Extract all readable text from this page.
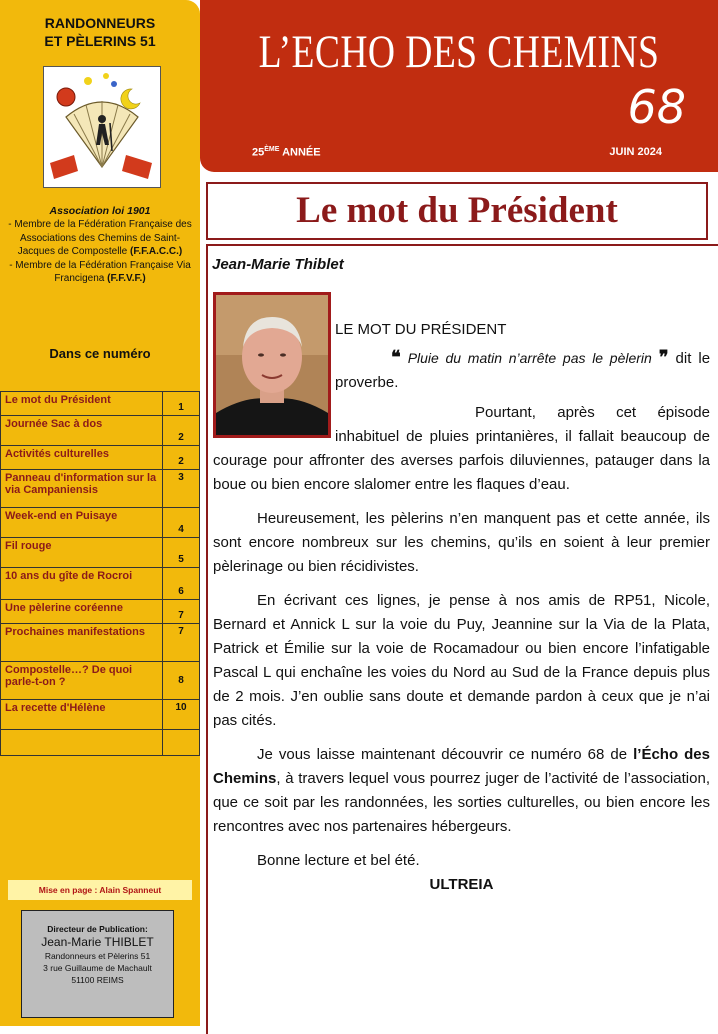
RANDONNEURS
ET PÈLERINS 51
Association loi 1901
- Membre de la Fédération Française des Associations des Chemins de Saint-Jacques de Compostelle (F.F.A.C.C.)
- Membre de la Fédération Française Via Francigena (F.F.V.F.)
Dans ce numéro
Le mot du Président	1
Journée Sac à dos	2
Activités culturelles	2
Panneau d'information sur la via Campaniensis	3
Week-end en Puisaye	4
Fil rouge	5
10 ans du gîte de Rocroi	6
Une pèlerine coréenne	7
Prochaines manifestations	7
Compostelle…? De quoi parle-t-on ?	8
La recette d'Hélène	10

Mise en page : Alain Spanneut
Directeur de Publication:
Jean-Marie THIBLET
Randonneurs et Pèlerins 51
3 rue Guillaume de Machault
51100 REIMS
L’ECHO DES CHEMINS
68
25ÈME ANNÉE	JUIN 2024
Le mot du Président
Jean-Marie Thiblet

LE MOT DU PRÉSIDENT

❝ Pluie du matin n’arrête pas le pèlerin ❞ dit le proverbe.

Pourtant, après cet épisode inhabituel de pluies printanières, il fallait beaucoup de courage pour affronter des averses parfois diluviennes, patauger dans la boue ou bien encore slalomer entre les flaques d’eau.

Heureusement, les pèlerins n’en manquent pas et cette année, ils sont encore nombreux sur les chemins, qu’ils en soient à leur premier pèlerinage ou bien récidivistes.

En écrivant ces lignes, je pense à nos amis de RP51, Nicole, Bernard et Annick L sur la voie du Puy, Jeannine sur la Via de la Plata, Patrick et Émilie sur la voie de Rocamadour ou bien encore l’infatigable Pascal L qui enchaîne les voies du Nord au Sud de la France depuis plus de 2 mois. J’en oublie sans doute et demande pardon à ceux que je n’ai pas cités.

Je vous laisse maintenant découvrir ce numéro 68 de l’Écho des Chemins, à travers lequel vous pourrez juger de l’activité de l’association, que ce soit par les randonnées, les sorties culturelles, ou bien encore les rencontres avec nos partenaires hébergeurs.

Bonne lecture et bel été.

ULTREIA
